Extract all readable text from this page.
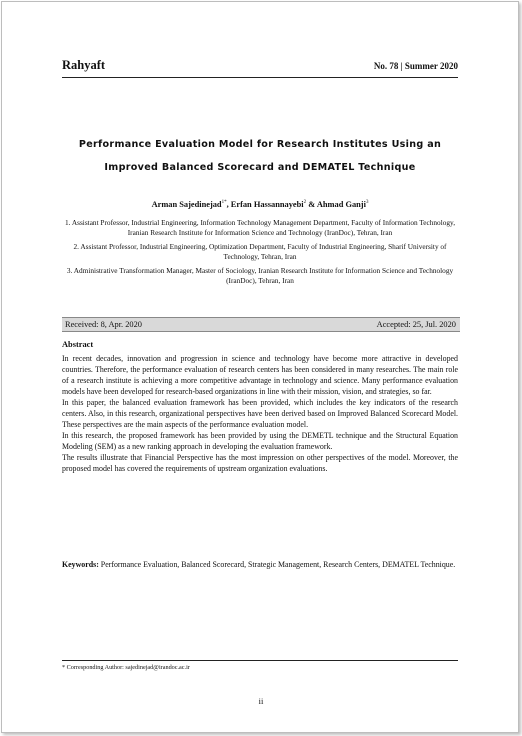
Rahyaft	No. 78 | Summer 2020
Performance Evaluation Model for Research Institutes Using an
Improved Balanced Scorecard and DEMATEL Technique
Arman Sajedinejad$^{1*}$, Erfan Hassannayebi$^2$ & Ahmad Ganji$^3$
1. Assistant Professor, Industrial Engineering, Information Technology Management Department, Faculty of Information Technology, Iranian Research Institute for Information Science and Technology (IranDoc), Tehran, Iran
2. Assistant Professor, Industrial Engineering, Optimization Department, Faculty of Industrial Engineering, Sharif University of Technology, Tehran, Iran
3. Administrative Transformation Manager, Master of Sociology, Iranian Research Institute for Information Science and Technology (IranDoc), Tehran, Iran
Received: 8, Apr. 2020	Accepted: 25, Jul. 2020
Abstract

In recent decades, innovation and progression in science and technology have become more attractive in developed countries. Therefore, the performance evaluation of research centers has been considered in many researches. The main role of a research institute is achieving a more competitive advantage in technology and science. Many performance evaluation models have been developed for research-based organizations in line with their mission, vision, and strategies, so far.

In this paper, the balanced evaluation framework has been provided, which includes the key indicators of the research centers. Also, in this research, organizational perspectives have been derived based on Improved Balanced Scorecard Model. These perspectives are the main aspects of the performance evaluation model.

In this research, the proposed framework has been provided by using the DEMETL technique and the Structural Equation Modeling (SEM) as a new ranking approach in developing the evaluation framework.

The results illustrate that Financial Perspective has the most impression on other perspectives of the model. Moreover, the proposed model has covered the requirements of upstream organization evaluations.

Keywords: Performance Evaluation, Balanced Scorecard, Strategic Management, Research Centers, DEMATEL Technique.
* Corresponding Author: sajedinejad@irandoc.ac.ir
ii
